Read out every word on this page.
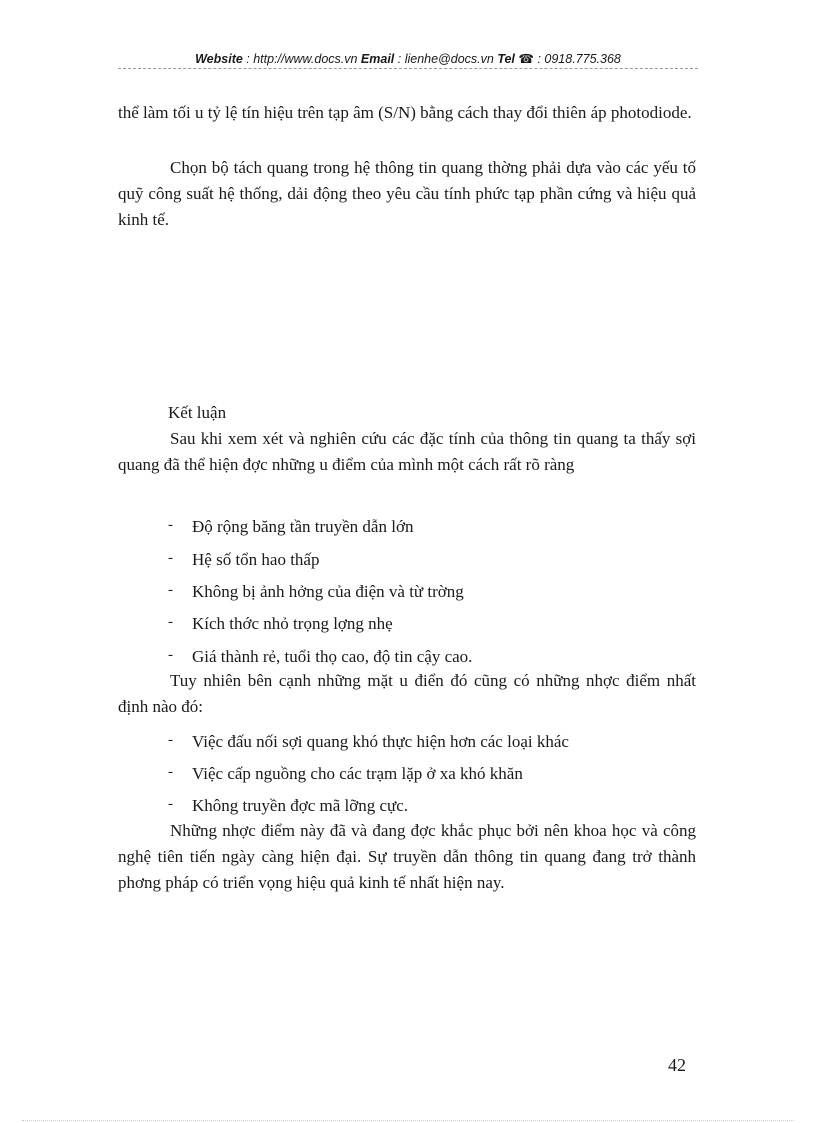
Website : http://www.docs.vn Email : lienhe@docs.vn Tel ☎ : 0918.775.368

thể làm tối u tỷ lệ tín hiệu trên tạp âm (S/N) bằng cách thay đổi thiên áp photodiode.

Chọn bộ tách quang trong hệ thông tin quang thờng phải dựa vào các yếu tố quỹ công suất hệ thống, dải động theo yêu cầu tính phức tạp phần cứng và hiệu quả kinh tế.

Kết luận

Sau khi xem xét và nghiên cứu các đặc tính của thông tin quang ta thấy sợi quang đã thể hiện đợc những u điểm của mình một cách rất rõ ràng

- Độ rộng băng tần truyền dẫn lớn
- Hệ số tổn hao thấp
- Không bị ảnh hởng của điện và từ trờng
- Kích thớc nhỏ trọng lợng nhẹ
- Giá thành rẻ, tuổi thọ cao, độ tin cậy cao.

Tuy nhiên bên cạnh những mặt u điển đó cũng có những nhợc điểm nhất định nào đó:

- Việc đấu nối sợi quang khó thực hiện hơn các loại khác
- Việc cấp nguồng cho các trạm lặp ở xa khó khăn
- Không truyền đợc mã lỡng cực.

Những nhợc điểm này đã và đang đợc khắc phục bởi nên khoa học và công nghệ tiên tiến ngày càng hiện đại. Sự truyền dẫn thông tin quang đang trở thành phơng pháp có triển vọng hiệu quả kinh tế nhất hiện nay.

42
